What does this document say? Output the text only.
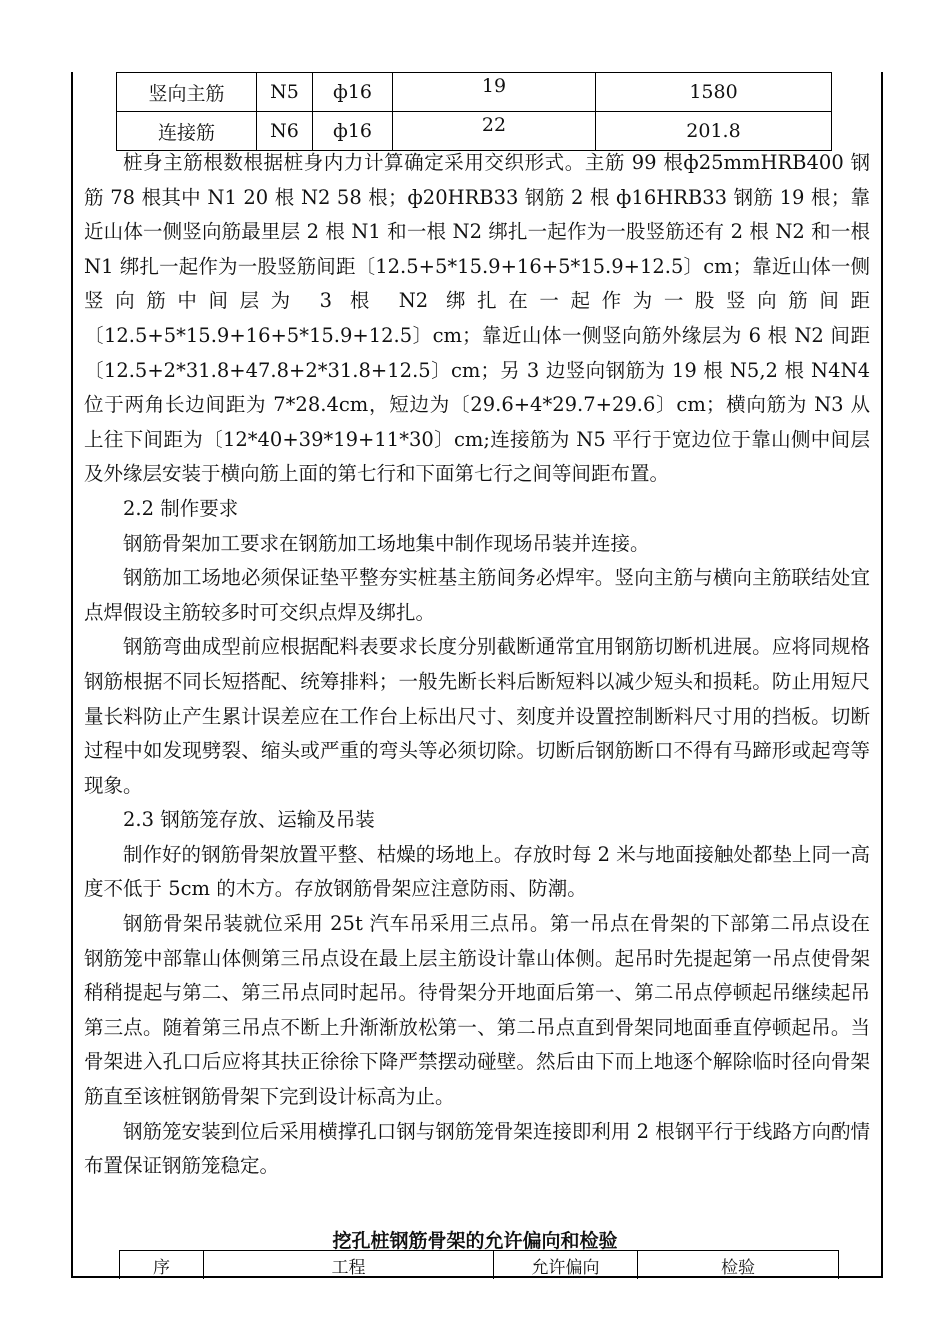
竖向主筋	N5	ф16	19	1580
连接筋	N6	ф16	22	201.8

桩身主筋根数根据桩身内力计算确定采用交织形式。主筋 99 根ф25mmHRB400 钢筋 78 根其中 N1 20 根 N2 58 根；ф20HRB33 钢筋 2 根 ф16HRB33 钢筋 19 根；靠近山体一侧竖向筋最里层 2 根 N1 和一根 N2 绑扎一起作为一股竖筋还有 2 根 N2 和一根 N1 绑扎一起作为一股竖筋间距〔12.5+5*15.9+16+5*15.9+12.5〕cm；靠近山体一侧竖向筋中间层为 3 根 N2 绑扎在一起作为一股竖向筋间距〔12.5+5*15.9+16+5*15.9+12.5〕cm；靠近山体一侧竖向筋外缘层为 6 根 N2 间距〔12.5+2*31.8+47.8+2*31.8+12.5〕cm；另 3 边竖向钢筋为 19 根 N5,2 根 N4N4 位于两角长边间距为 7*28.4cm，短边为〔29.6+4*29.7+29.6〕cm；横向筋为 N3 从上往下间距为〔12*40+39*19+11*30〕cm;连接筋为 N5 平行于宽边位于靠山侧中间层及外缘层安装于横向筋上面的第七行和下面第七行之间等间距布置。

2.2 制作要求

钢筋骨架加工要求在钢筋加工场地集中制作现场吊装并连接。

钢筋加工场地必须保证垫平整夯实桩基主筋间务必焊牢。竖向主筋与横向主筋联结处宜点焊假设主筋较多时可交织点焊及绑扎。

钢筋弯曲成型前应根据配料表要求长度分别截断通常宜用钢筋切断机进展。应将同规格钢筋根据不同长短搭配、统筹排料；一般先断长料后断短料以减少短头和损耗。防止用短尺量长料防止产生累计误差应在工作台上标出尺寸、刻度并设置控制断料尺寸用的挡板。切断过程中如发现劈裂、缩头或严重的弯头等必须切除。切断后钢筋断口不得有马蹄形或起弯等现象。

2.3 钢筋笼存放、运输及吊装

制作好的钢筋骨架放置平整、枯燥的场地上。存放时每 2 米与地面接触处都垫上同一高度不低于 5cm 的木方。存放钢筋骨架应注意防雨、防潮。

钢筋骨架吊装就位采用 25t 汽车吊采用三点吊。第一吊点在骨架的下部第二吊点设在钢筋笼中部靠山体侧第三吊点设在最上层主筋设计靠山体侧。起吊时先提起第一吊点使骨架稍稍提起与第二、第三吊点同时起吊。待骨架分开地面后第一、第二吊点停顿起吊继续起吊第三点。随着第三吊点不断上升渐渐放松第一、第二吊点直到骨架同地面垂直停顿起吊。当骨架进入孔口后应将其扶正徐徐下降严禁摆动碰壁。然后由下而上地逐个解除临时径向骨架筋直至该桩钢筋骨架下完到设计标高为止。

钢筋笼安装到位后采用横撑孔口钢与钢筋笼骨架连接即利用 2 根钢平行于线路方向酌情布置保证钢筋笼稳定。

挖孔桩钢筋骨架的允许偏向和检验
序	工程	允许偏向	检验
